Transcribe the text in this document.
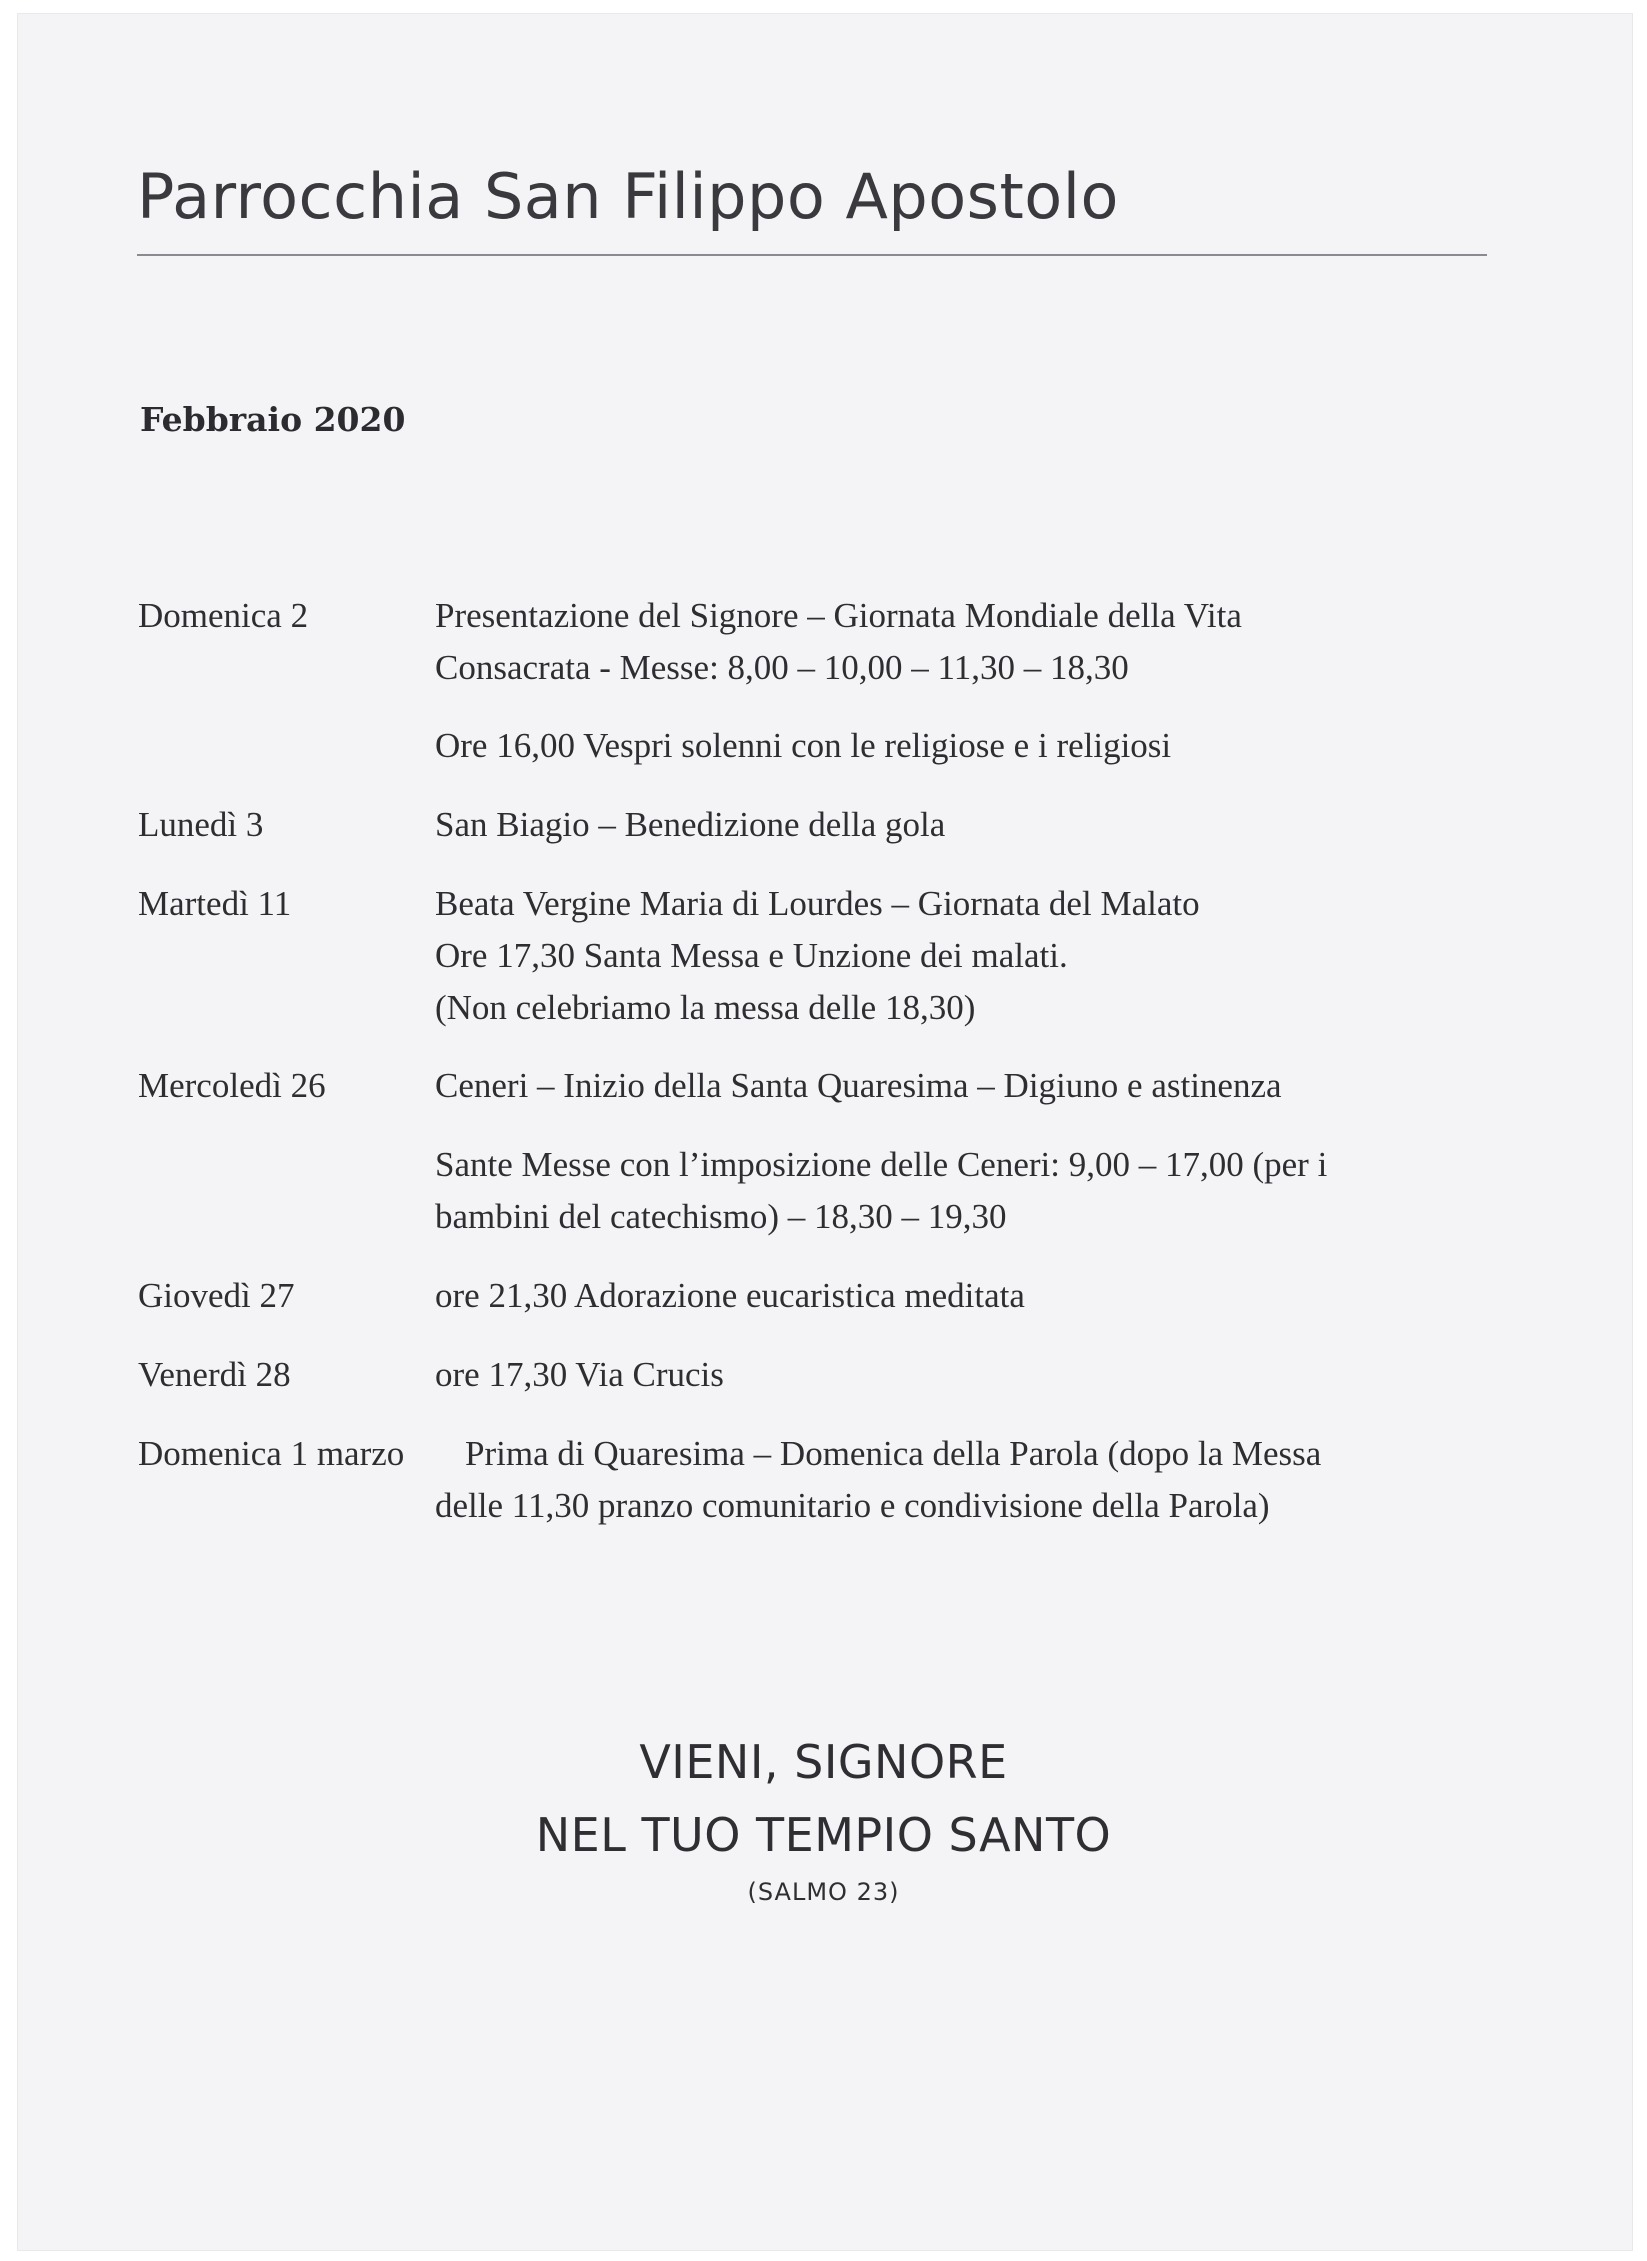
Parrocchia San Filippo Apostolo
Febbraio 2020
Domenica 2	Presentazione del Signore – Giornata Mondiale della Vita
Consacrata - Messe: 8,00 – 10,00 – 11,30 – 18,30
Ore 16,00 Vespri solenni con le religiose e i religiosi
Lunedì 3	San Biagio – Benedizione della gola
Martedì 11	Beata Vergine Maria di Lourdes – Giornata del Malato
Ore 17,30 Santa Messa e Unzione dei malati.
(Non celebriamo la messa delle 18,30)
Mercoledì 26	Ceneri – Inizio della Santa Quaresima – Digiuno e astinenza
Sante Messe con l’imposizione delle Ceneri: 9,00 – 17,00 (per i
bambini del catechismo) – 18,30 – 19,30
Giovedì 27	ore 21,30 Adorazione eucaristica meditata
Venerdì 28	ore 17,30 Via Crucis
Domenica 1 marzo Prima di Quaresima – Domenica della Parola (dopo la Messa
delle 11,30 pranzo comunitario e condivisione della Parola)
VIENI, SIGNORE
NEL TUO TEMPIO SANTO
(SALMO 23)
